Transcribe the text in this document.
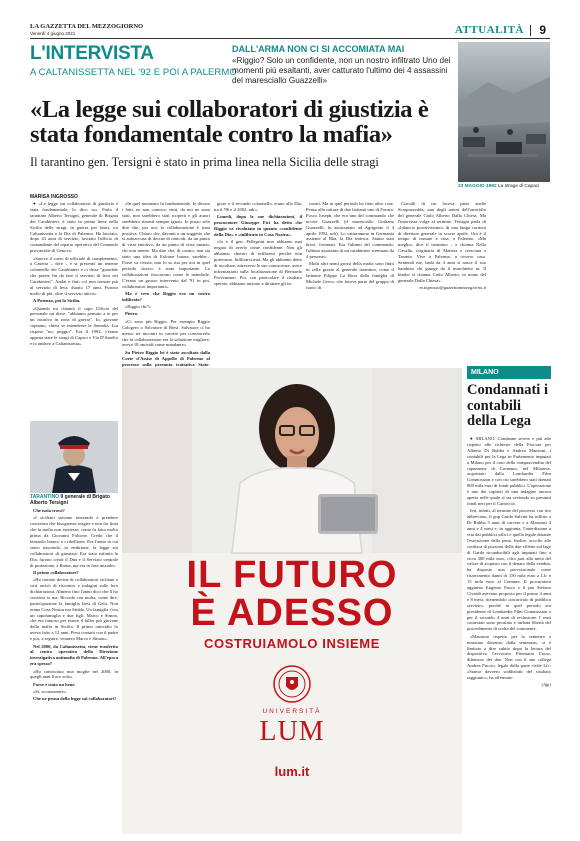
LA GAZZETTA DEL MEZZOGIORNO
Venerdì 4 giugno 2021	ATTUALITÀ 9
L'INTERVISTA
A CALTANISSETTA NEL '92 E POI A PALERMO
DALL'ARMA NON CI SI ACCOMIATA MAI
«Riggio? Solo un confidente, non un nostro infiltrato Uno dei momenti più esaltanti, aver catturato l'ultimo dei 4 assassini del maresciallo Guazzelli»
23 MAGGIO 1992 La strage di Capaci
«La legge sui collaboratori di giustizia è stata fondamentale contro la mafia»
Il tarantino gen. Tersigni è stato in prima linea nella Sicilia delle stragi
MARISA INGROSSO

● «Le legge sui collaboratori di giustizia è stata fondamentale, lo dico io». Parla il tarantino Alberto Tersigni, generale di Brigata dei Carabinieri, è stato in prima linea nella Sicilia delle stragi, in guerra per lustri, tra Caltanissetta e la Dia di Palermo. Ha lasciato, dopo 43 anni di servizio, lasciato l'ufficio di comandante del reparto operativo del Comando provinciale di Genova.

«Sarevo il corso di ufficiale di complemento, a Caserta – dice – e si presentò un tenente colonnello dei Carabinieri e ci disse "guardate che potete fin da fare il servizio di leva nei Carabinieri". Andai e finii col non tornare più al servizio di leva, durato 17 anni. Furono molto di più, oltre il servizio attivo».

A Potenza, poi la Sicilia.

«Quando mi chiamò il capo Ufficio del personale mi disse: "abbiamo pensato a te per un incarico in zona di guerra". Io, giovane capitano, chiesi se intendesse la Somalia. Lui rispose "no, peggio". Era il 1992, c'erano appena state le stragi di Capaci e Via D'Amelio e io andavo a Caltanissetta».

TARANTINO Il generale di Brigato Alberto Tersigni

Che isola trovò?

«I siciliani stavano iniziando a prendere coscienza che bisognasse reagire e non far finta che la mafia non esistesse, come fu fatto molto prima da Giovanni Falcone. Credo che il lenzuolo bianco e i ribellione. Era l'anno in cui stavo nascendo, in embrione, la legge sui collaboratori di giustizia. Era stata istituita la Dia, furono creati il Dna e il Servizio centrale di protezione, a Roma, ma era in fase iniziale».

Il primo collaboratore?

«Ho trattato decine di collaboratori siciliani e così arrivò di riscontro e indagini sulle loro dichiarazioni. Almeno fino l'anno dico che lì ho convinti io ma. Ricordo con molta, come dire, partecipazione la famiglia Iarsi di Gela. Non erano Cosa Nostra ma Stidda. Un famiglia c'era un capofamiglia e due figli, Marco e Simon, che era famoso per essere il killer più giovane della mafia in Sicilia. Il primo omicidio lo aveva fatto a 12 anni. Presi contatti con il padre e poi, a seguire, vennero Marco e Simon».

Nel 2000, da Caltanissetta, viene trasferito al centro operativo della Direzione investigativa antimafia di Palermo. All'epoca era spesso?

«Ho conosciuto mia moglie nel 2000, in quegli anni lì ero solo».

Forse è stato un bene.

«Sì, sicuramente».

Che ne pensa della legge sui collaboratori?

«In quel momento fu fondamentale. Io dicono i fatti, ne non conosco vinti, da noi ne sono stati, non sarebbero stati scoperti e gli autori sarebbero rimasti sempre ignoti. Io posso solo dire che, per noi, la collaborazione è stata positiva. Chiaro che, davanti a un soggetto che si autoaccusa di decine di omicidi, da un punto di vista emotivo, da un punto di vista umano, chi non mente. Ma dire che, di contro, non sia stato una idea di Falcone buona, sarebbe... Forse va rivista, non lo so ma per noi in quel periodo storico è stata importante. Le collaborazioni fioccarono come le mandorle. C'erano un grosso intervento dal '91 in poi, collaboratori importanti».

Ma è vero che Riggio era un vostro infiltrato?

«Riggio chi?»

Pietro.

«Ci sono più Riggio. Per esempio Riggio Calogero o Salvatore di Riesi. Salvatore ci ho messo tre incontri in carcere per convincerlo che la collaborazione era la soluzione migliore, aveva 18 omicidi come mandante».

Su Pietro Riggio lei è stato ascoltato dalla Corte d'Assise di Appello di Palermo al processo sulla presunta trattativa Stato-

giore e il secondo colonnello, erano alla Dia, tra il '96 e il 2002, ndr».

Lunedì, dopo le sue dichiarazioni, il procuratore Giuseppe Fici ha detto che Riggio va rivalutato in quanto «confidente della Dia» e «infiltrato in Cosa Nostra».

«Io e il gen. Pellegrini non abbiamo mai negato di averlo come confidente. Non gli abbiamo chiesto di infiltrarsi perché non potevamo. Infiltrarsi mai. Ma gli abbiamo detto di ascoltare, attraverso le sue conoscenze, avere informazioni sulla localizzazione di Bernardo Provenzano. Poi, con particolare il risultato sperato, abbiamo iniziato a dirattare gli in-

contri. Ma in quel periodo ho fatto altro cose. Penso alla cattura di due latitanti uno di Favara: Fosco Joseph, che era uno del commando che uccise Guazzelli (il maresciallo Giuliano Guazzelli, fu assassinato ad Agrigento il 4 aprile 1992, ndr). Lo catturammo in Germania assieme al Bka, la Dia tedesca. Siamo stati brevi, fortunati. Era l'ultimo del commando, l'ultimo assassino di un carabiniere strenuato da 4 persone».

Molti altri nomi grossi della mafia sono finiti in cella grazie al generale tarantino, come il latitante Filippo La Rosa della famiglia di Michele Greco, che faceva parte del gruppo di fuoco di

Ciaculli di cui faceva parte anche Scarpuzzedda, uno degli autori dell'omicidio del generale Carlo Alberto Dalla Chiesa. Ma l'intervista volge al termine. Tersigni parla di «bilancio positivissimo» di una lunga carriera di direttore generale in scorse aprile. Ora è il tempo di tornare a casa, a Palermo. «Ma meglio» dice il tarantino – e chiama Nella Cavallo, originaria di Mattera e cresciuta a Taranto. Vive a Palermo, a ovvero casa. Sentendi me, bada da 4 anni si nasce il suo bambino chi giunge da il maschietto tu. Il bimbo si chiama Carlo Alberto, in nome del generale Dalla Chiesa».

m.ingrosso@gazzettamezzogiorno.it

MILANO
Condannati i contabili della Lega

● MILANO. Condanne severe e più alte rispetto alle richieste della Procura per Alberto Di Rubba e Andrea Manzoni, i contabili per la Lega in Parlamento imputati a Milano per il caso della compravendita del capannone di Cormano, nel Milanese, acquistato dalla Lombardia Film Commission e con cui sarebbero stati drenati 800 mila euro di fondi pubblici. L'operazione è uno dei capitoli di una indagine ancora aperta nelle quale si sta seviendo su presunti fondi neri per il Carroccio.

Ieri, infatti, al termine del processo con rito abbreviato, il gup Guido Salvini ha inflitto a Di Rubba 5 anni di carcere e a Manzoni 4 anni e 4 mesi e, in aggiunta, l'interdizione a vita dai pubblici uffici e quella legale durante l'esecuzione della pena. Inoltre, accolto alle confisca di porzioni delle due villette sul lago di Garda riconducibili agli imputati fino a circa 380 mila euro, cifra pari alla metà del valore di acquisto con il denaro della vendita, ha disposto una provvisionale come risarcimento danni di 150 mila euro a Lfc e 15 mila euro al Comune. Il procuratore aggiunto Eugenio Fusco e il pm Stefano Civardi avevano proposto per il primo 4 anni e 8 mesi, ritenendolo «incaricato di pubblico servizio» perché in quel periodo era presidente di Lombardia Film Commission e per il secondo 4 anni di reclusione. I reati contestati sono peculato e turbata libertà del procedimento di scelta del contraente.

«Massimo rispetto per la sentenza e massimo dissenso dalla sentenza», si è limitato a dire subito dopo la lettura del dispositivo l'avvocato Piermaria Corso, difensore dei due. Non con il suo collega Andrea Puccio, legale della parte civile Lfc: «Siamo davvero soddisfatti del risultato raggiunto», ha affermato.

(Agi)

IL FUTURO
È ADESSO
COSTRUIAMOLO INSIEME
UNIVERSITÀ
LUM
lum.it
